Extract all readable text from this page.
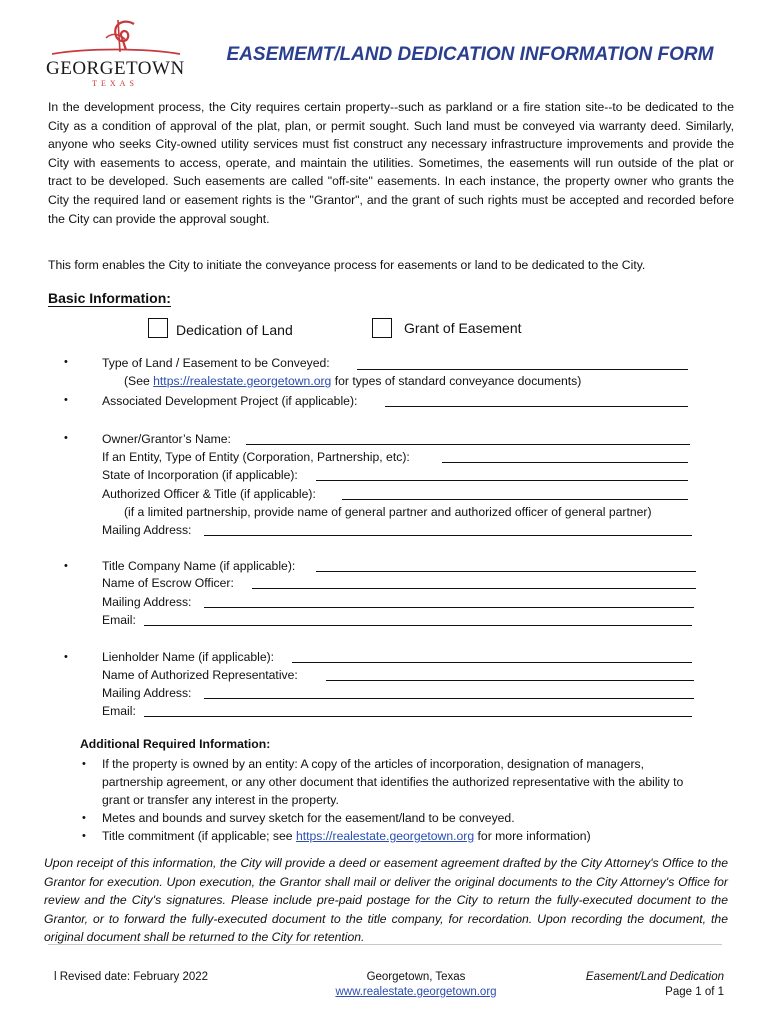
GEORGETOWN
TEXAS
EASEMEMT/LAND DEDICATION INFORMATION FORM
In the development process, the City requires certain property--such as parkland or a fire station site--to be dedicated to the City as a condition of approval of the plat, plan, or permit sought. Such land must be conveyed via warranty deed. Similarly, anyone who seeks City-owned utility services must fist construct any necessary infrastructure improvements and provide the City with easements to access, operate, and maintain the utilities. Sometimes, the easements will run outside of the plat or tract to be developed. Such easements are called "off-site" easements. In each instance, the property owner who grants the City the required land or easement rights is the "Grantor", and the grant of such rights must be accepted and recorded before the City can provide the approval sought.
This form enables the City to initiate the conveyance process for easements or land to be dedicated to the City.
Basic Information:
Dedication of Land	Grant of Easement
•	Type of Land / Easement to be Conveyed:
(See https://realestate.georgetown.org for types of standard conveyance documents)
•	Associated Development Project (if applicable):
•	Owner/Grantor’s Name:
If an Entity, Type of Entity (Corporation, Partnership, etc):
State of Incorporation (if applicable):
Authorized Officer & Title (if applicable):
(if a limited partnership, provide name of general partner and authorized officer of general partner)
Mailing Address:
•	Title Company Name (if applicable):
Name of Escrow Officer:
Mailing Address:
Email:
•	Lienholder Name (if applicable):
Name of Authorized Representative:
Mailing Address:
Email:
Additional Required Information:
• If the property is owned by an entity: A copy of the articles of incorporation, designation of managers, partnership agreement, or any other document that identifies the authorized representative with the ability to grant or transfer any interest in the property.
• Metes and bounds and survey sketch for the easement/land to be conveyed.
• Title commitment (if applicable; see https://realestate.georgetown.org for more information)
Upon receipt of this information, the City will provide a deed or easement agreement drafted by the City Attorney's Office to the Grantor for execution. Upon execution, the Grantor shall mail or deliver the original documents to the City Attorney's Office for review and the City's signatures. Please include pre-paid postage for the City to return the fully-executed document to the Grantor, or to forward the fully-executed document to the title company, for recordation. Upon recording the document, the original document shall be returned to the City for retention.
l Revised date: February 2022	Georgetown, Texas
www.realestate.georgetown.org
Easement/Land Dedication
Page 1 of 1
